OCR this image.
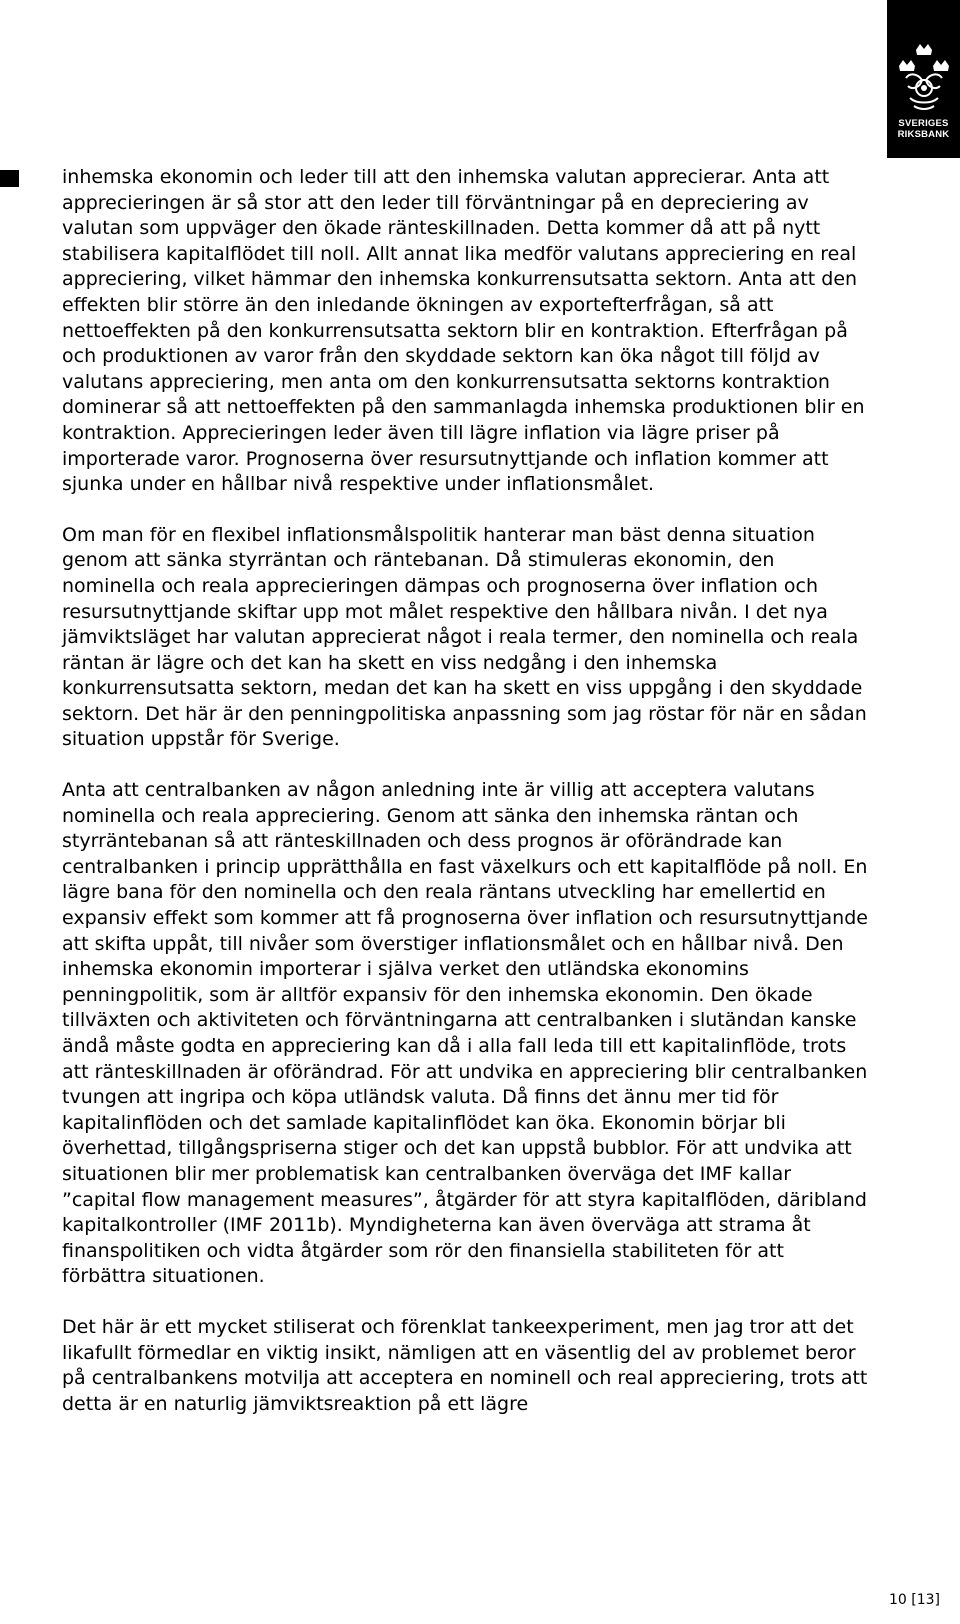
SVERIGES
RIKSBANK

inhemska ekonomin och leder till att den inhemska valutan apprecierar. Anta att apprecieringen är så stor att den leder till förväntningar på en depreciering av valutan som uppväger den ökade ränteskillnaden. Detta kommer då att på nytt stabilisera kapitalflödet till noll. Allt annat lika medför valutans appreciering en real appreciering, vilket hämmar den inhemska konkurrensutsatta sektorn. Anta att den effekten blir större än den inledande ökningen av exportefterfrågan, så att nettoeffekten på den konkurrensutsatta sektorn blir en kontraktion. Efterfrågan på och produktionen av varor från den skyddade sektorn kan öka något till följd av valutans appreciering, men anta om den konkurrensutsatta sektorns kontraktion dominerar så att nettoeffekten på den sammanlagda inhemska produktionen blir en kontraktion. Apprecieringen leder även till lägre inflation via lägre priser på importerade varor. Prognoserna över resursutnyttjande och inflation kommer att sjunka under en hållbar nivå respektive under inflationsmålet.

Om man för en flexibel inflationsmålspolitik hanterar man bäst denna situation genom att sänka styrräntan och räntebanan. Då stimuleras ekonomin, den nominella och reala apprecieringen dämpas och prognoserna över inflation och resursutnyttjande skiftar upp mot målet respektive den hållbara nivån. I det nya jämviktsläget har valutan apprecierat något i reala termer, den nominella och reala räntan är lägre och det kan ha skett en viss nedgång i den inhemska konkurrensutsatta sektorn, medan det kan ha skett en viss uppgång i den skyddade sektorn. Det här är den penningpolitiska anpassning som jag röstar för när en sådan situation uppstår för Sverige.

Anta att centralbanken av någon anledning inte är villig att acceptera valutans nominella och reala appreciering. Genom att sänka den inhemska räntan och styrräntebanan så att ränteskillnaden och dess prognos är oförändrade kan centralbanken i princip upprätthålla en fast växelkurs och ett kapitalflöde på noll. En lägre bana för den nominella och den reala räntans utveckling har emellertid en expansiv effekt som kommer att få prognoserna över inflation och resursutnyttjande att skifta uppåt, till nivåer som överstiger inflationsmålet och en hållbar nivå. Den inhemska ekonomin importerar i själva verket den utländska ekonomins penningpolitik, som är alltför expansiv för den inhemska ekonomin. Den ökade tillväxten och aktiviteten och förväntningarna att centralbanken i slutändan kanske ändå måste godta en appreciering kan då i alla fall leda till ett kapitalinflöde, trots att ränteskillnaden är oförändrad. För att undvika en appreciering blir centralbanken tvungen att ingripa och köpa utländsk valuta. Då finns det ännu mer tid för kapitalinflöden och det samlade kapitalinflödet kan öka. Ekonomin börjar bli överhettad, tillgångspriserna stiger och det kan uppstå bubblor. För att undvika att situationen blir mer problematisk kan centralbanken överväga det IMF kallar ”capital flow management measures”, åtgärder för att styra kapitalflöden, däribland kapitalkontroller (IMF 2011b). Myndigheterna kan även överväga att strama åt finanspolitiken och vidta åtgärder som rör den finansiella stabiliteten för att förbättra situationen.

Det här är ett mycket stiliserat och förenklat tankeexperiment, men jag tror att det likafullt förmedlar en viktig insikt, nämligen att en väsentlig del av problemet beror på centralbankens motvilja att acceptera en nominell och real appreciering, trots att detta är en naturlig jämviktsreaktion på ett lägre

10 [13]
